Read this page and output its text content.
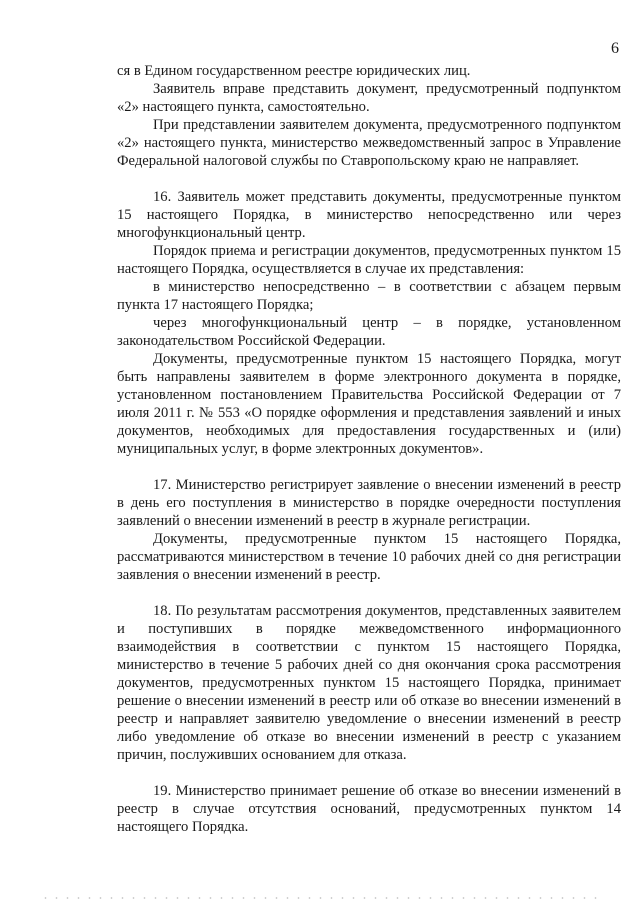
6

ся в Едином государственном реестре юридических лиц.

Заявитель вправе представить документ, предусмотренный подпунктом «2» настоящего пункта, самостоятельно.

При представлении заявителем документа, предусмотренного подпунктом «2» настоящего пункта, министерство межведомственный запрос в Управление Федеральной налоговой службы по Ставропольскому краю не направляет.

16. Заявитель может представить документы, предусмотренные пунктом 15 настоящего Порядка, в министерство непосредственно или через многофункциональный центр.

Порядок приема и регистрации документов, предусмотренных пунктом 15 настоящего Порядка, осуществляется в случае их представления:

в министерство непосредственно – в соответствии с абзацем первым пункта 17 настоящего Порядка;

через многофункциональный центр – в порядке, установленном законодательством Российской Федерации.

Документы, предусмотренные пунктом 15 настоящего Порядка, могут быть направлены заявителем в форме электронного документа в порядке, установленном постановлением Правительства Российской Федерации от 7 июля 2011 г. № 553 «О порядке оформления и представления заявлений и иных документов, необходимых для предоставления государственных и (или) муниципальных услуг, в форме электронных документов».

17. Министерство регистрирует заявление о внесении изменений в реестр в день его поступления в министерство в порядке очередности поступления заявлений о внесении изменений в реестр в журнале регистрации.

Документы, предусмотренные пунктом 15 настоящего Порядка, рассматриваются министерством в течение 10 рабочих дней со дня регистрации заявления о внесении изменений в реестр.

18. По результатам рассмотрения документов, представленных заявителем и поступивших в порядке межведомственного информационного взаимодействия в соответствии с пунктом 15 настоящего Порядка, министерство в течение 5 рабочих дней со дня окончания срока рассмотрения документов, предусмотренных пунктом 15 настоящего Порядка, принимает решение о внесении изменений в реестр или об отказе во внесении изменений в реестр и направляет заявителю уведомление о внесении изменений в реестр либо уведомление об отказе во внесении изменений в реестр с указанием причин, послуживших основанием для отказа.

19. Министерство принимает решение об отказе во внесении изменений в реестр в случае отсутствия оснований, предусмотренных пунктом 14 настоящего Порядка.
